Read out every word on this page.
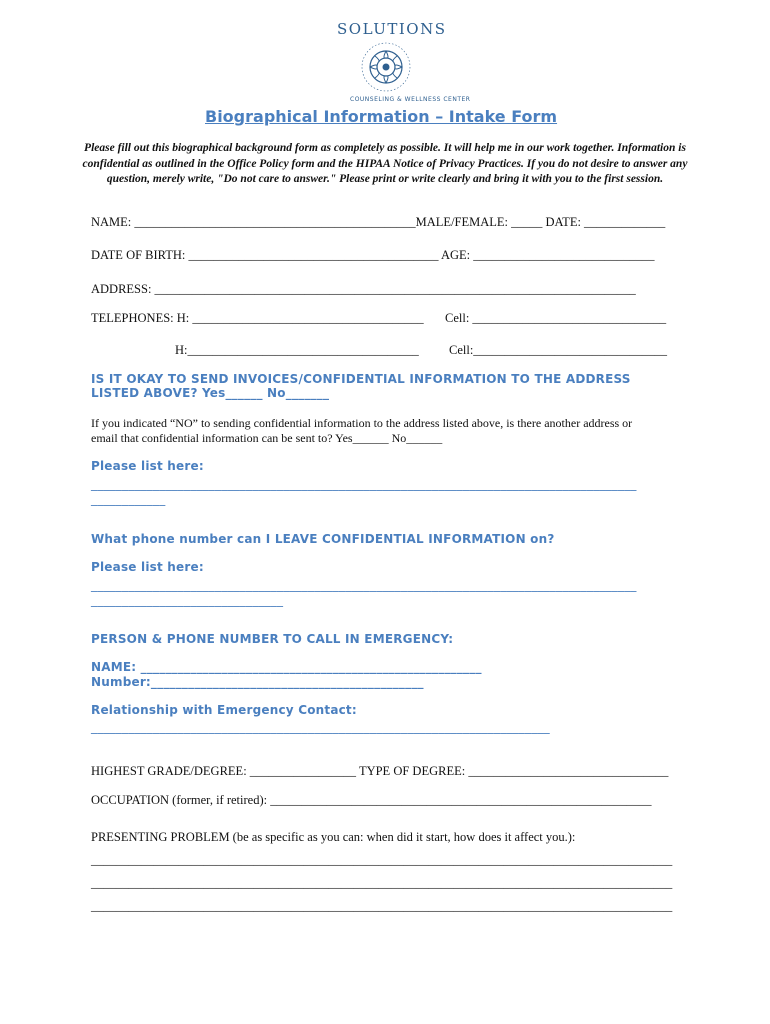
SOLUTIONS
COUNSELING & WELLNESS CENTER
Biographical Information – Intake Form
Please fill out this biographical background form as completely as possible. It will help me in our work together. Information is confidential as outlined in the Office Policy form and the HIPAA Notice of Privacy Practices. If you do not desire to answer any question, merely write, "Do not care to answer." Please print or write clearly and bring it with you to the first session.
NAME: _____________________________________________MALE/FEMALE: _____ DATE: _____________
DATE OF BIRTH: ________________________________________ AGE: _____________________________
ADDRESS: _____________________________________________________________________________
TELEPHONES: H: _____________________________________ Cell: _______________________________
H:_____________________________________ Cell:_______________________________
IS IT OKAY TO SEND INVOICES/CONFIDENTIAL INFORMATION TO THE ADDRESS
LISTED ABOVE? Yes______ No_______
If you indicated “NO” to sending confidential information to the address listed above, is there another address or
email that confidential information can be sent to? Yes______ No______
Please list here:
________________________________________________________________________________________
____________
What phone number can I LEAVE CONFIDENTIAL INFORMATION on?
Please list here:
________________________________________________________________________________________
_______________________________
PERSON & PHONE NUMBER TO CALL IN EMERGENCY:
NAME: _______________________________________________________
Number:____________________________________________
Relationship with Emergency Contact:
__________________________________________________________________________
HIGHEST GRADE/DEGREE: _________________ TYPE OF DEGREE: ________________________________
OCCUPATION (former, if retired): _____________________________________________________________
PRESENTING PROBLEM (be as specific as you can: when did it start, how does it affect you.):
_____________________________________________________________________________________________
_____________________________________________________________________________________________
_____________________________________________________________________________________________
